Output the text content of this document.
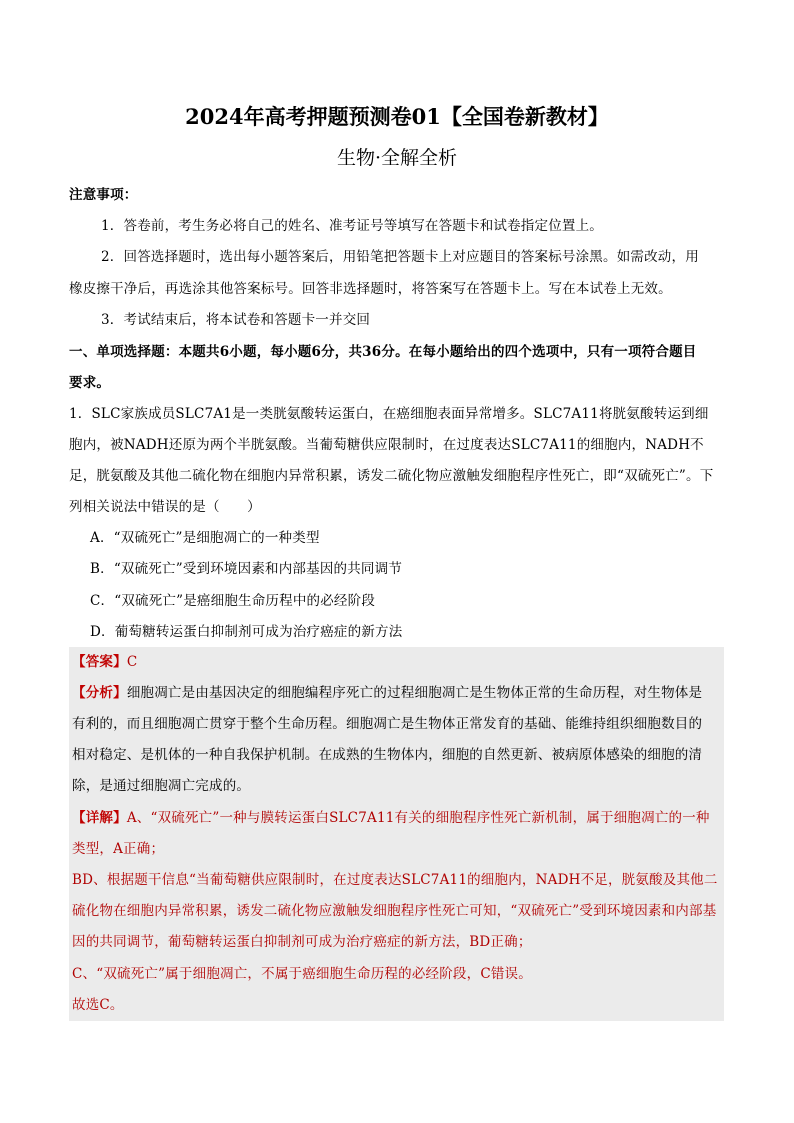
2024年高考押题预测卷01【全国卷新教材】
生物·全解全析
注意事项：
1．答卷前，考生务必将自己的姓名、准考证号等填写在答题卡和试卷指定位置上。
2．回答选择题时，选出每小题答案后，用铅笔把答题卡上对应题目的答案标号涂黑。如需改动，用
橡皮擦干净后，再选涂其他答案标号。回答非选择题时，将答案写在答题卡上。写在本试卷上无效。
3．考试结束后，将本试卷和答题卡一并交回
一、单项选择题：本题共6小题，每小题6分，共36分。在每小题给出的四个选项中，只有一项符合题目
要求。
1．SLC家族成员SLC7A1是一类胱氨酸转运蛋白，在癌细胞表面异常增多。SLC7A11将胱氨酸转运到细
胞内，被NADH还原为两个半胱氨酸。当葡萄糖供应限制时，在过度表达SLC7A11的细胞内，NADH不
足，胱氨酸及其他二硫化物在细胞内异常积累，诱发二硫化物应激触发细胞程序性死亡，即“双硫死亡”。下
列相关说法中错误的是（　　）
A．“双硫死亡”是细胞凋亡的一种类型
B．“双硫死亡”受到环境因素和内部基因的共同调节
C．“双硫死亡”是癌细胞生命历程中的必经阶段
D．葡萄糖转运蛋白抑制剂可成为治疗癌症的新方法
【答案】C
【分析】细胞凋亡是由基因决定的细胞编程序死亡的过程细胞凋亡是生物体正常的生命历程，对生物体是
有利的，而且细胞凋亡贯穿于整个生命历程。细胞凋亡是生物体正常发育的基础、能维持组织细胞数目的
相对稳定、是机体的一种自我保护机制。在成熟的生物体内，细胞的自然更新、被病原体感染的细胞的清
除，是通过细胞凋亡完成的。
【详解】A、“双硫死亡”一种与膜转运蛋白SLC7A11有关的细胞程序性死亡新机制，属于细胞凋亡的一种
类型，A正确；
BD、根据题干信息“当葡萄糖供应限制时，在过度表达SLC7A11的细胞内，NADH不足，胱氨酸及其他二
硫化物在细胞内异常积累，诱发二硫化物应激触发细胞程序性死亡可知，“双硫死亡”受到环境因素和内部基
因的共同调节，葡萄糖转运蛋白抑制剂可成为治疗癌症的新方法，BD正确；
C、“双硫死亡”属于细胞凋亡，不属于癌细胞生命历程的必经阶段，C错误。
故选C。
